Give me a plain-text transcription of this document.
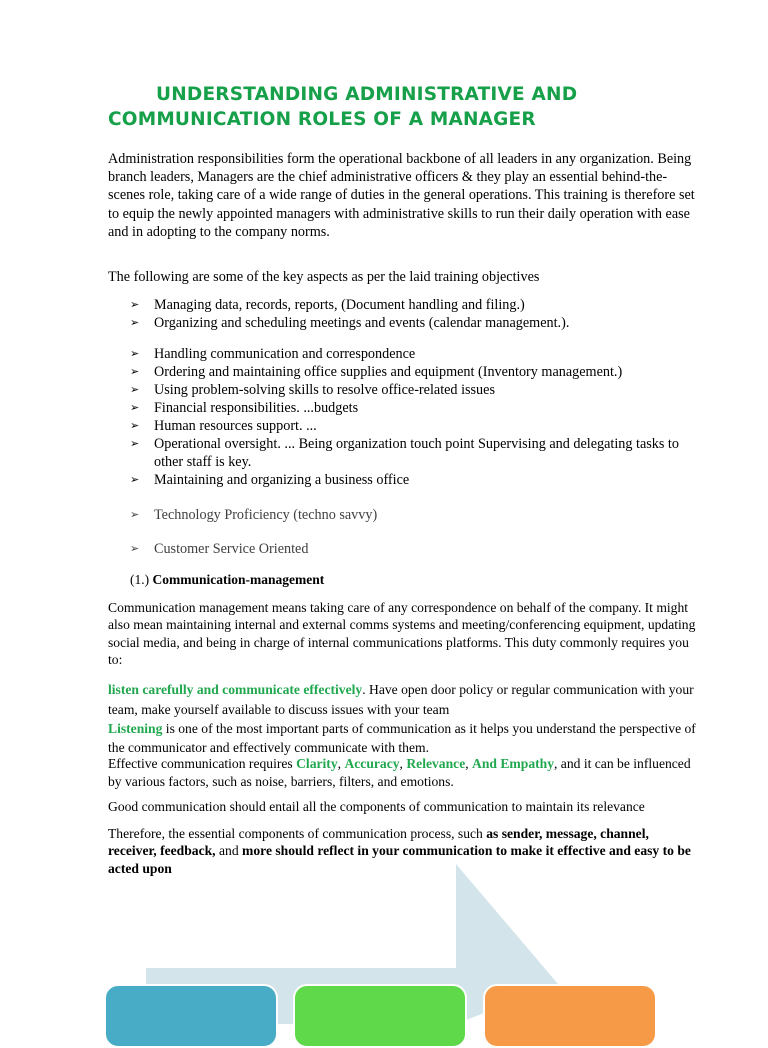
UNDERSTANDING ADMINISTRATIVE AND
COMMUNICATION ROLES OF A MANAGER

Administration responsibilities form the operational backbone of all leaders in any organization. Being branch leaders, Managers are the chief administrative officers & they play an essential behind-the-scenes role, taking care of a wide range of duties in the general operations. This training is therefore set to equip the newly appointed managers with administrative skills to run their daily operation with ease and in adopting to the company norms.

The following are some of the key aspects as per the laid training objectives

➢ Managing data, records, reports, (Document handling and filing.)
➢ Organizing and scheduling meetings and events (calendar management.).
➢ Handling communication and correspondence
➢ Ordering and maintaining office supplies and equipment (Inventory management.)
➢ Using problem-solving skills to resolve office-related issues
➢ Financial responsibilities. ...budgets
➢ Human resources support. ...
➢ Operational oversight. ... Being organization touch point Supervising and delegating tasks to other staff is key.
➢ Maintaining and organizing a business office
➢ Technology Proficiency (techno savvy)
➢ Customer Service Oriented
(1.) Communication-management

Communication management means taking care of any correspondence on behalf of the company. It might also mean maintaining internal and external comms systems and meeting/conferencing equipment, updating social media, and being in charge of internal communications platforms. This duty commonly requires you to:

listen carefully and communicate effectively. Have open door policy or regular communication with your team, make yourself available to discuss issues with your team

Listening is one of the most important parts of communication as it helps you understand the perspective of the communicator and effectively communicate with them.

Effective communication requires Clarity, Accuracy, Relevance, And Empathy, and it can be influenced by various factors, such as noise, barriers, filters, and emotions.

Good communication should entail all the components of communication to maintain its relevance

Therefore, the essential components of communication process, such as sender, message, channel, receiver, feedback, and more should reflect in your communication to make it effective and easy to be acted upon
